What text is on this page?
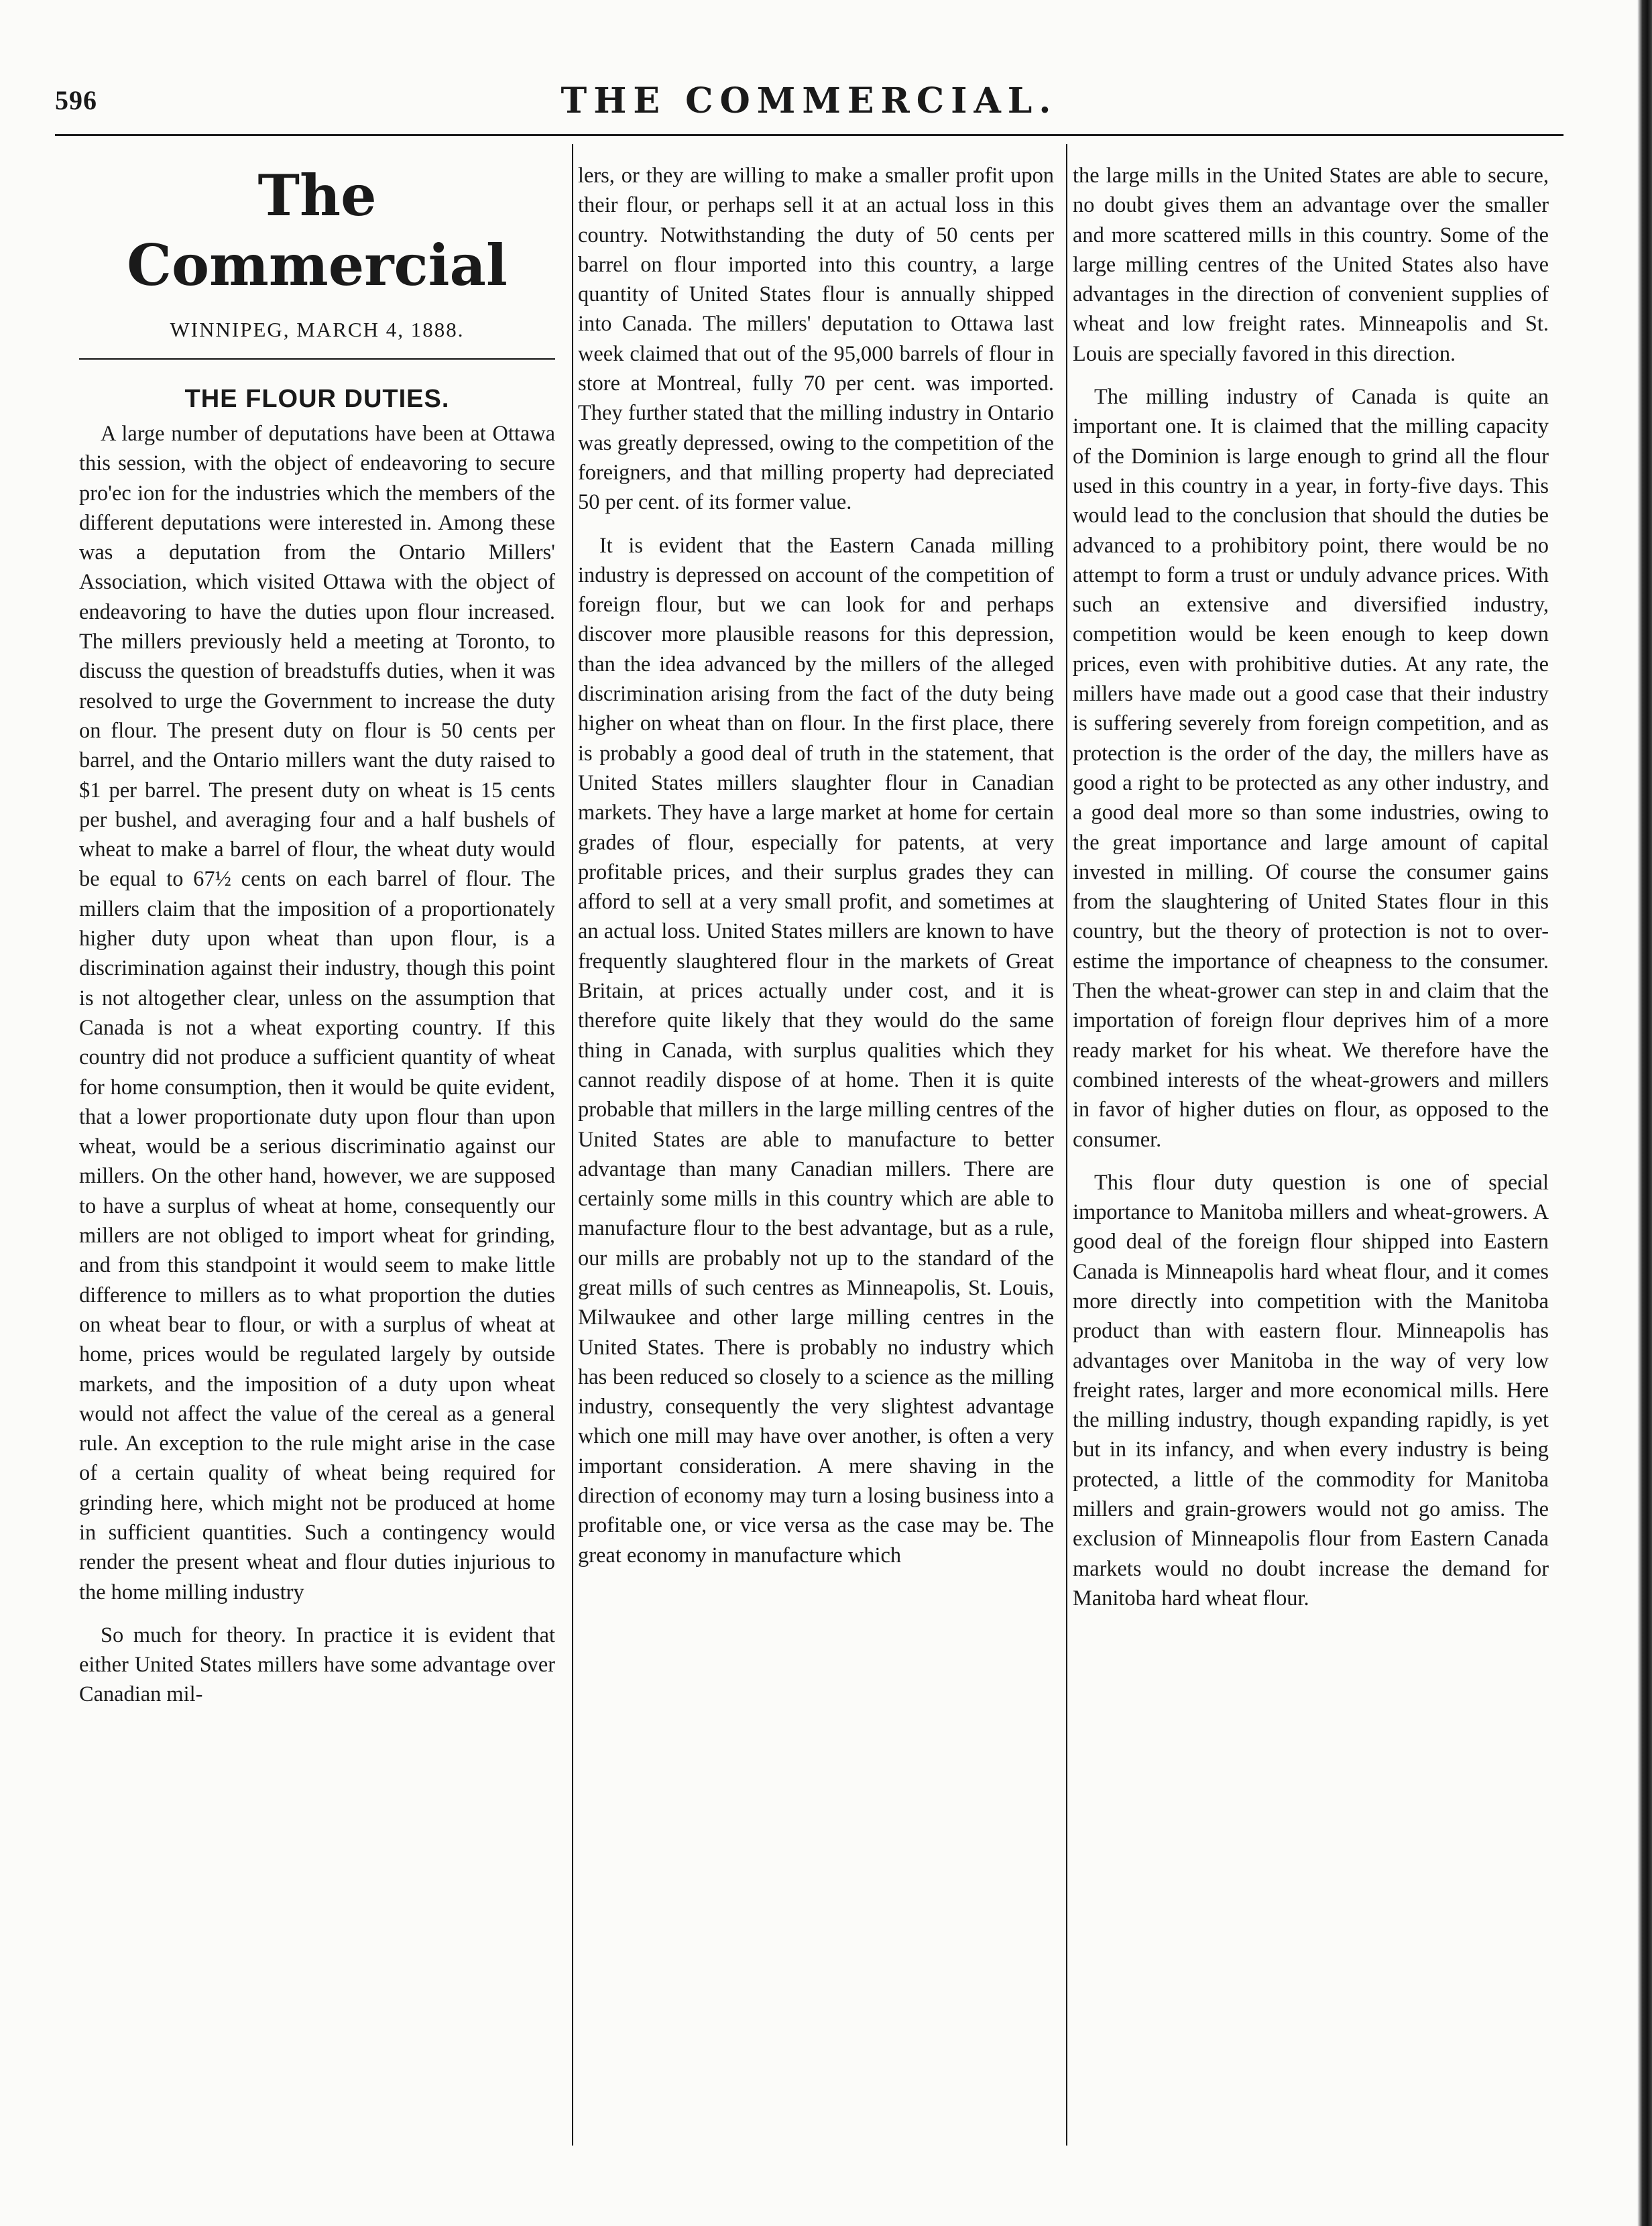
596	THE COMMERCIAL.
The Commercial
WINNIPEG, MARCH 4, 1888.
THE FLOUR DUTIES.

A large number of deputations have been at Ottawa this session, with the object of endeavoring to secure pro'ec ion for the industries which the members of the different deputations were interested in. Among these was a deputation from the Ontario Millers' Association, which visited Ottawa with the object of endeavoring to have the duties upon flour increased. The millers previously held a meeting at Toronto, to discuss the question of breadstuffs duties, when it was resolved to urge the Government to increase the duty on flour. The present duty on flour is 50 cents per barrel, and the Ontario millers want the duty raised to $1 per barrel. The present duty on wheat is 15 cents per bushel, and averaging four and a half bushels of wheat to make a barrel of flour, the wheat duty would be equal to 67½ cents on each barrel of flour. The millers claim that the imposition of a proportionately higher duty upon wheat than upon flour, is a discrimination against their industry, though this point is not altogether clear, unless on the assumption that Canada is not a wheat exporting country. If this country did not produce a sufficient quantity of wheat for home consumption, then it would be quite evident, that a lower proportionate duty upon flour than upon wheat, would be a serious discriminatio against our millers. On the other hand, however, we are supposed to have a surplus of wheat at home, consequently our millers are not obliged to import wheat for grinding, and from this standpoint it would seem to make little difference to millers as to what proportion the duties on wheat bear to flour, or with a surplus of wheat at home, prices would be regulated largely by outside markets, and the imposition of a duty upon wheat would not affect the value of the cereal as a general rule. An exception to the rule might arise in the case of a certain quality of wheat being required for grinding here, which might not be produced at home in sufficient quantities. Such a contingency would render the present wheat and flour duties injurious to the home milling industry

So much for theory. In practice it is evident that either United States millers have some advantage over Canadian mil-

lers, or they are willing to make a smaller profit upon their flour, or perhaps sell it at an actual loss in this country. Notwithstanding the duty of 50 cents per barrel on flour imported into this country, a large quantity of United States flour is annually shipped into Canada. The millers' deputation to Ottawa last week claimed that out of the 95,000 barrels of flour in store at Montreal, fully 70 per cent. was imported. They further stated that the milling industry in Ontario was greatly depressed, owing to the competition of the foreigners, and that milling property had depreciated 50 per cent. of its former value.

It is evident that the Eastern Canada milling industry is depressed on account of the competition of foreign flour, but we can look for and perhaps discover more plausible reasons for this depression, than the idea advanced by the millers of the alleged discrimination arising from the fact of the duty being higher on wheat than on flour. In the first place, there is probably a good deal of truth in the statement, that United States millers slaughter flour in Canadian markets. They have a large market at home for certain grades of flour, especially for patents, at very profitable prices, and their surplus grades they can afford to sell at a very small profit, and sometimes at an actual loss. United States millers are known to have frequently slaughtered flour in the markets of Great Britain, at prices actually under cost, and it is therefore quite likely that they would do the same thing in Canada, with surplus qualities which they cannot readily dispose of at home. Then it is quite probable that millers in the large milling centres of the United States are able to manufacture to better advantage than many Canadian millers. There are certainly some mills in this country which are able to manufacture flour to the best advantage, but as a rule, our mills are probably not up to the standard of the great mills of such centres as Minneapolis, St. Louis, Milwaukee and other large milling centres in the United States. There is probably no industry which has been reduced so closely to a science as the milling industry, consequently the very slightest advantage which one mill may have over another, is often a very important consideration. A mere shaving in the direction of economy may turn a losing business into a profitable one, or vice versa as the case may be. The great economy in manufacture which

the large mills in the United States are able to secure, no doubt gives them an advantage over the smaller and more scattered mills in this country. Some of the large milling centres of the United States also have advantages in the direction of convenient supplies of wheat and low freight rates. Minneapolis and St. Louis are specially favored in this direction.

The milling industry of Canada is quite an important one. It is claimed that the milling capacity of the Dominion is large enough to grind all the flour used in this country in a year, in forty-five days. This would lead to the conclusion that should the duties be advanced to a prohibitory point, there would be no attempt to form a trust or unduly advance prices. With such an extensive and diversified industry, competition would be keen enough to keep down prices, even with prohibitive duties. At any rate, the millers have made out a good case that their industry is suffering severely from foreign competition, and as protection is the order of the day, the millers have as good a right to be protected as any other industry, and a good deal more so than some industries, owing to the great importance and large amount of capital invested in milling. Of course the consumer gains from the slaughtering of United States flour in this country, but the theory of protection is not to over-estime the importance of cheapness to the consumer. Then the wheat-grower can step in and claim that the importation of foreign flour deprives him of a more ready market for his wheat. We therefore have the combined interests of the wheat-growers and millers in favor of higher duties on flour, as opposed to the consumer.

This flour duty question is one of special importance to Manitoba millers and wheat-growers. A good deal of the foreign flour shipped into Eastern Canada is Minneapolis hard wheat flour, and it comes more directly into competition with the Manitoba product than with eastern flour. Minneapolis has advantages over Manitoba in the way of very low freight rates, larger and more economical mills. Here the milling industry, though expanding rapidly, is yet but in its infancy, and when every industry is being protected, a little of the commodity for Manitoba millers and grain-growers would not go amiss. The exclusion of Minneapolis flour from Eastern Canada markets would no doubt increase the demand for Manitoba hard wheat flour.
